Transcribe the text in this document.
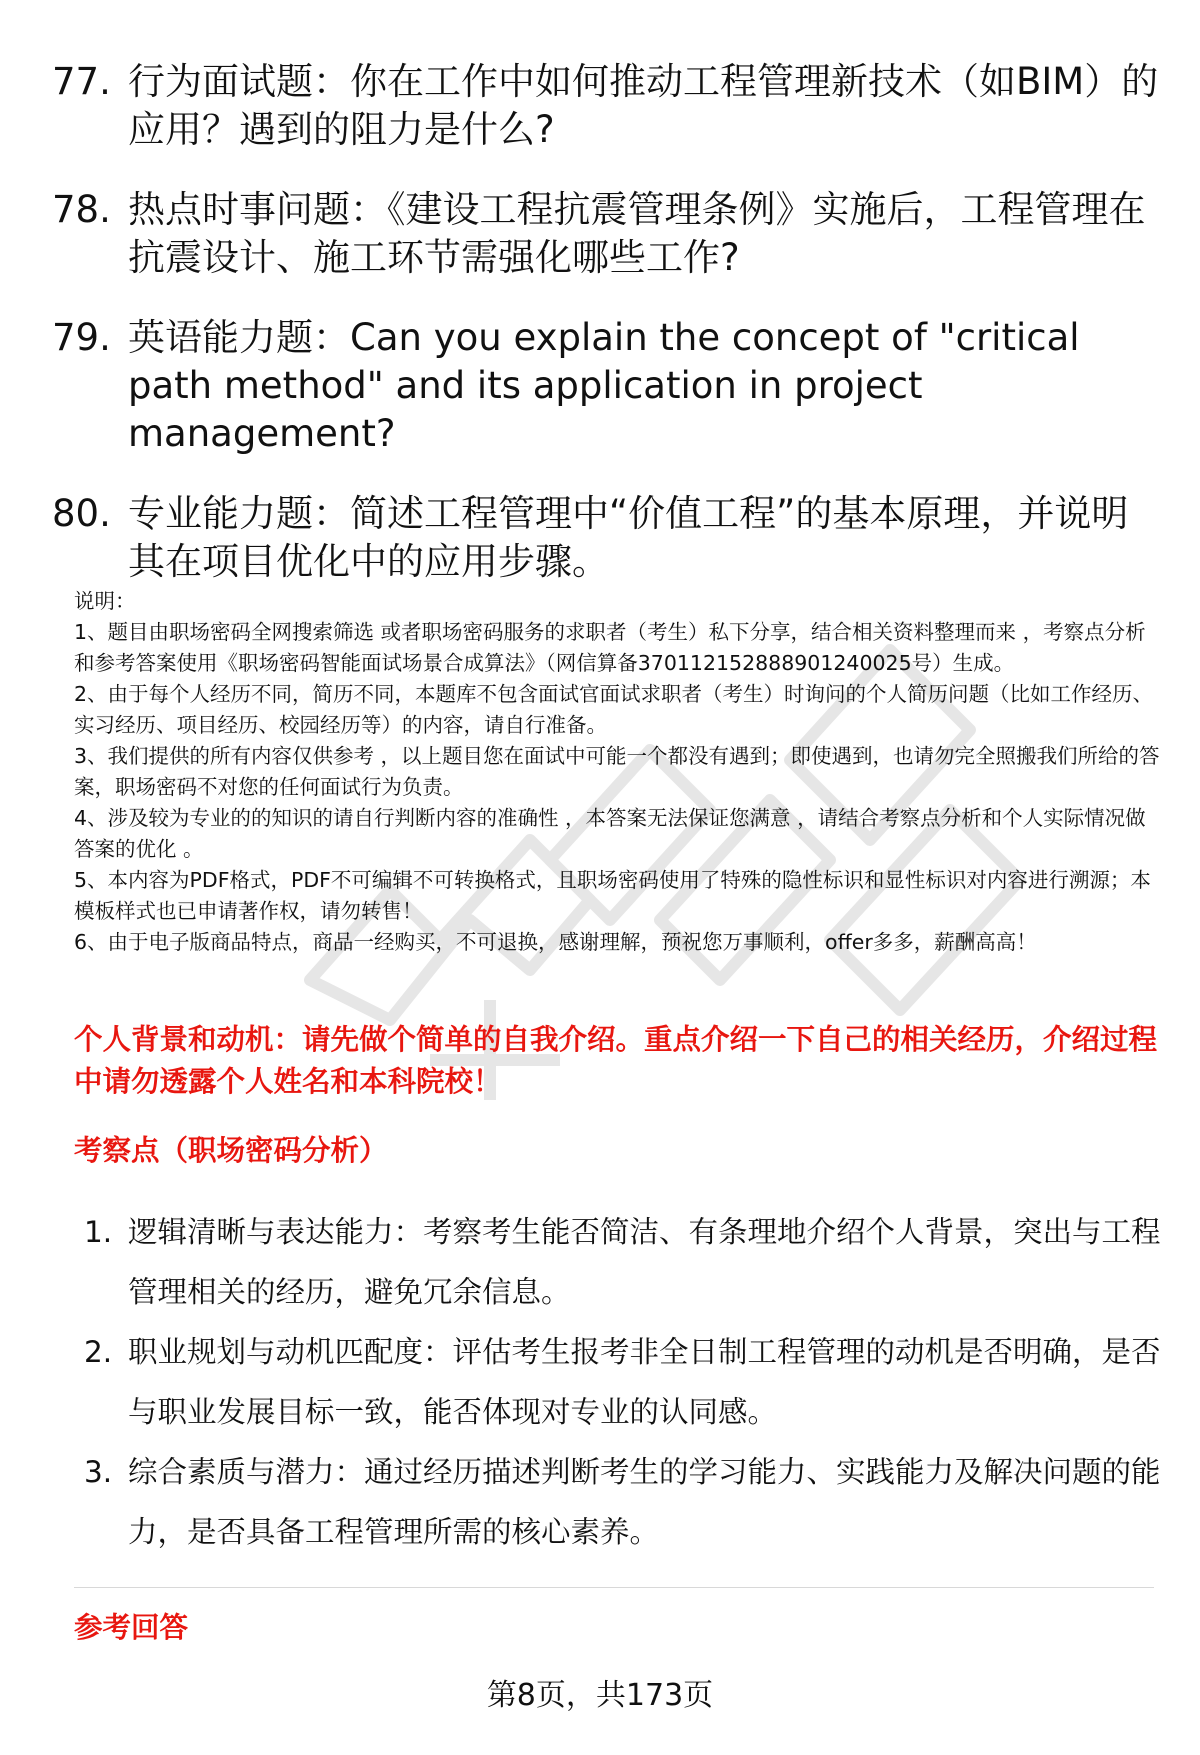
77. 行为面试题：你在工作中如何推动工程管理新技术（如BIM）的应用？遇到的阻力是什么?
78. 热点时事问题：《建设工程抗震管理条例》实施后，工程管理在抗震设计、施工环节需强化哪些工作?
79. 英语能力题：Can you explain the concept of "critical path method" and its application in project management?
80. 专业能力题：简述工程管理中“价值工程”的基本原理，并说明其在项目优化中的应用步骤。

说明：

1、题目由职场密码全网搜索筛选 或者职场密码服务的求职者（考生）私下分享，结合相关资料整理而来 ，考察点分析和参考答案使用《职场密码智能面试场景合成算法》（网信算备370112152888901240025号）生成。

2、由于每个人经历不同，简历不同，本题库不包含面试官面试求职者（考生）时询问的个人简历问题（比如工作经历、实习经历、项目经历、校园经历等）的内容，请自行准备。

3、我们提供的所有内容仅供参考 ，以上题目您在面试中可能一个都没有遇到；即使遇到，也请勿完全照搬我们所给的答案，职场密码不对您的任何面试行为负责。

4、涉及较为专业的的知识的请自行判断内容的准确性 ，本答案无法保证您满意 ，请结合考察点分析和个人实际情况做答案的优化 。

5、本内容为PDF格式，PDF不可编辑不可转换格式，且职场密码使用了特殊的隐性标识和显性标识对内容进行溯源；本模板样式也已申请著作权，请勿转售！

6、由于电子版商品特点，商品一经购买，不可退换，感谢理解，预祝您万事顺利，offer多多，薪酬高高！

个人背景和动机：请先做个简单的自我介绍。重点介绍一下自己的相关经历，介绍过程中请勿透露个人姓名和本科院校！

考察点（职场密码分析）

1. 逻辑清晰与表达能力：考察考生能否简洁、有条理地介绍个人背景，突出与工程管理相关的经历，避免冗余信息。
2. 职业规划与动机匹配度：评估考生报考非全日制工程管理的动机是否明确，是否与职业发展目标一致，能否体现对专业的认同感。
3. 综合素质与潜力：通过经历描述判断考生的学习能力、实践能力及解决问题的能力，是否具备工程管理所需的核心素养。

参考回答

第8页，共173页
